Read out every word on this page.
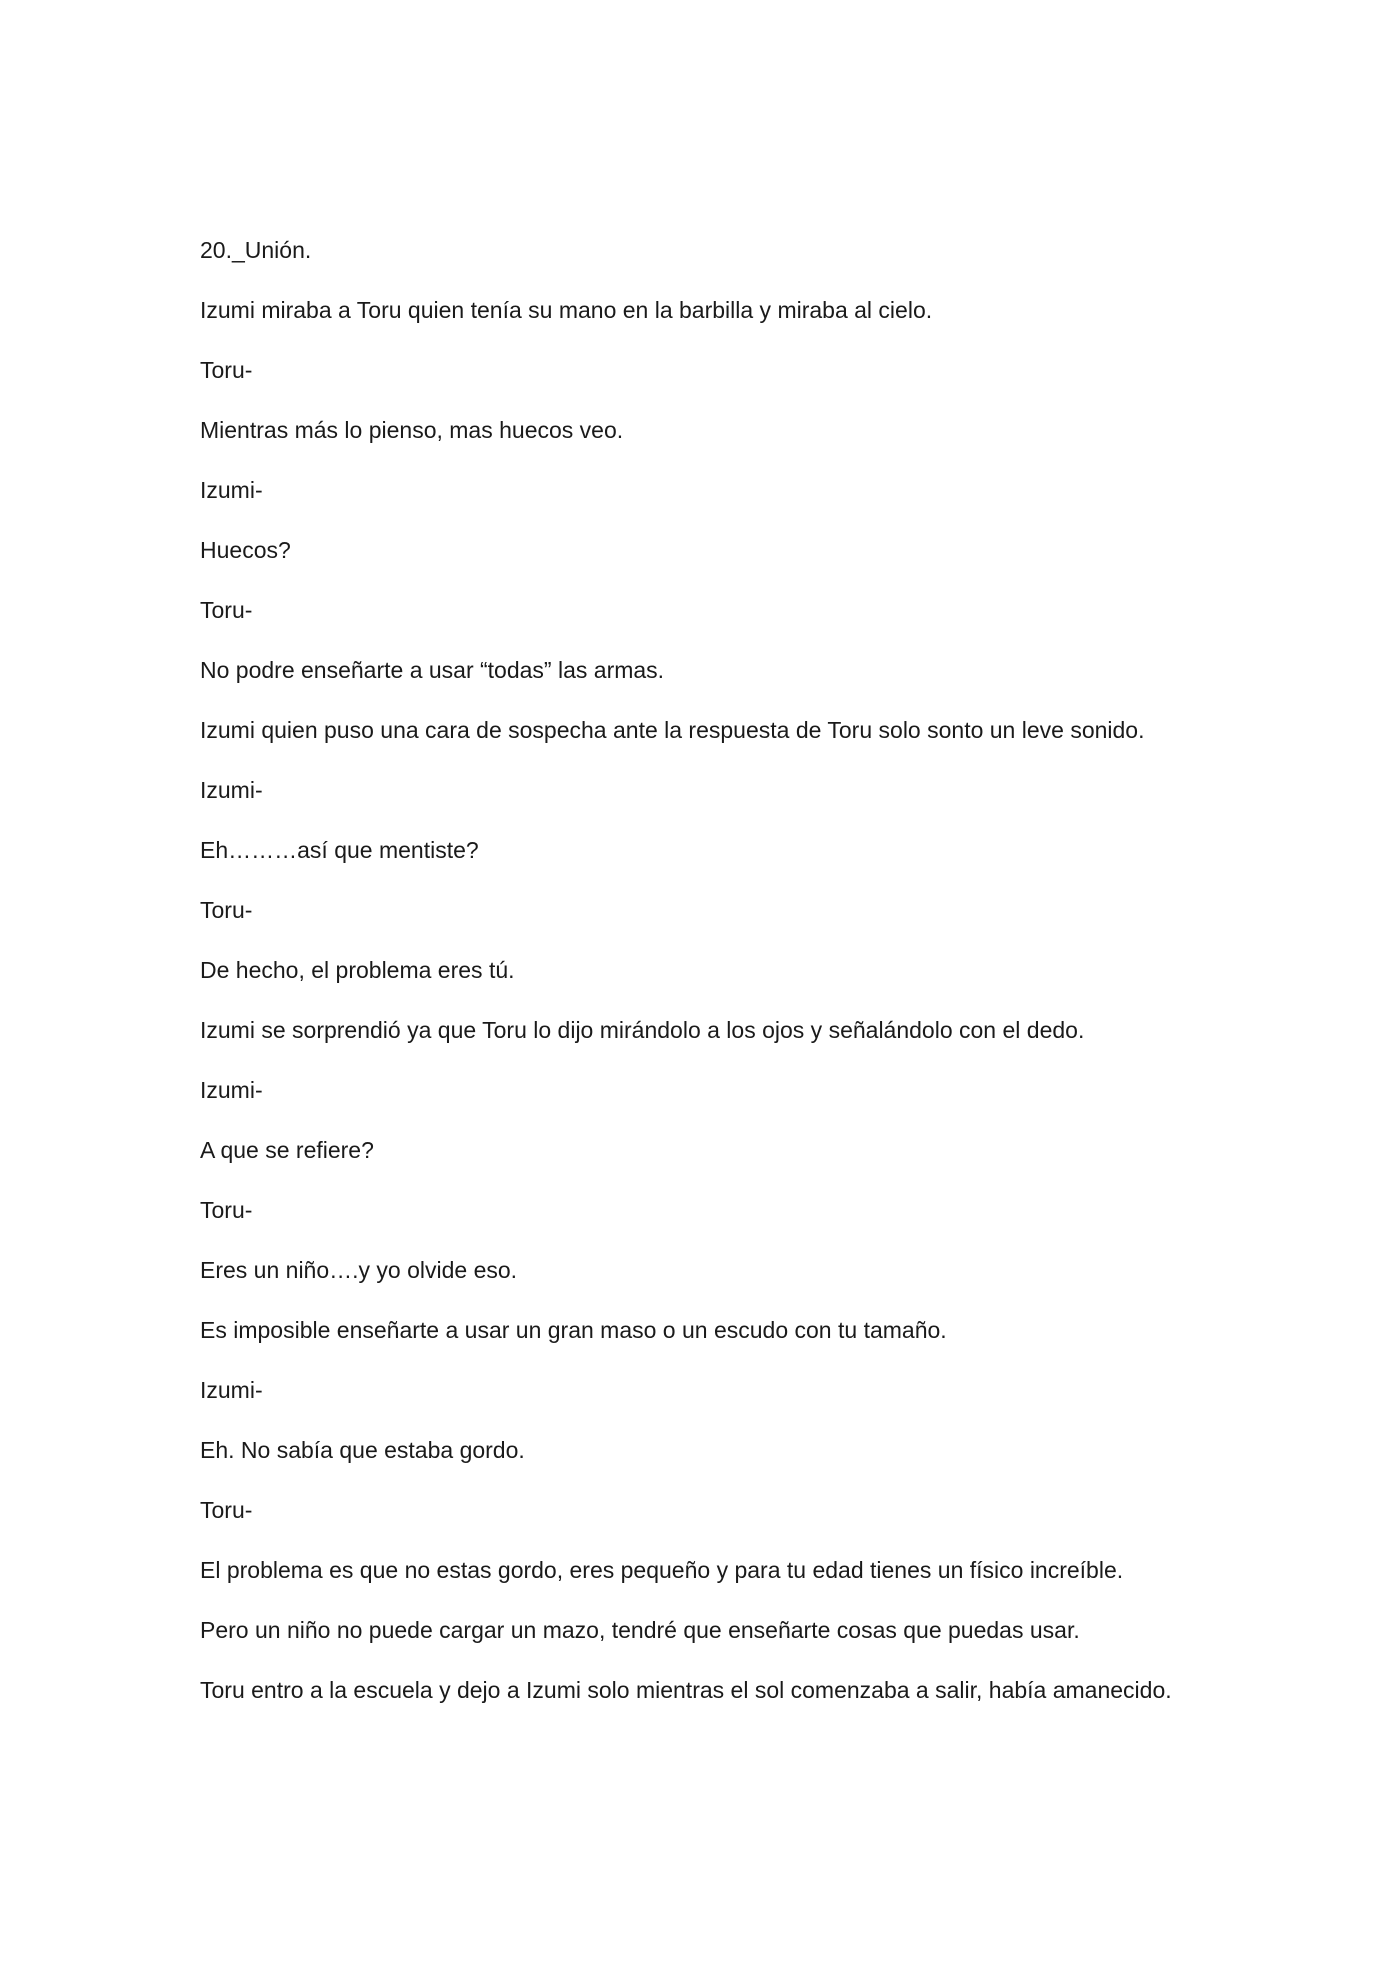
20._Unión.

Izumi miraba a Toru quien tenía su mano en la barbilla y miraba al cielo.

Toru-

Mientras más lo pienso, mas huecos veo.

Izumi-

Huecos?

Toru-

No podre enseñarte a usar “todas” las armas.

Izumi quien puso una cara de sospecha ante la respuesta de Toru solo sonto un leve sonido.

Izumi-

Eh………así que mentiste?

Toru-

De hecho, el problema eres tú.

Izumi se sorprendió ya que Toru lo dijo mirándolo a los ojos y señalándolo con el dedo.

Izumi-

A que se refiere?

Toru-

Eres un niño….y yo olvide eso.

Es imposible enseñarte a usar un gran maso o un escudo con tu tamaño.

Izumi-

Eh. No sabía que estaba gordo.

Toru-

El problema es que no estas gordo, eres pequeño y para tu edad tienes un físico increíble.

Pero un niño no puede cargar un mazo, tendré que enseñarte cosas que puedas usar.

Toru entro a la escuela y dejo a Izumi solo mientras el sol comenzaba a salir, había amanecido.
